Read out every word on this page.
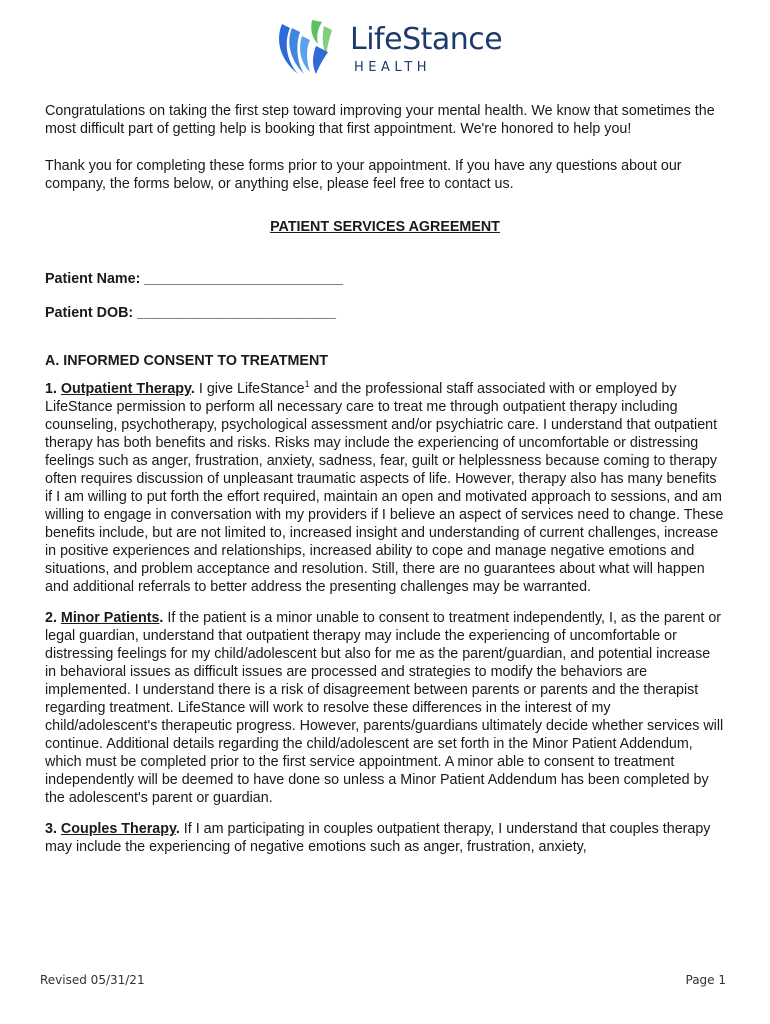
LifeStance
HEALTH

Congratulations on taking the first step toward improving your mental health. We know that sometimes the most difficult part of getting help is booking that first appointment. We're honored to help you!

Thank you for completing these forms prior to your appointment. If you have any questions about our company, the forms below, or anything else, please feel free to contact us.

PATIENT SERVICES AGREEMENT

Patient Name: _________________________

Patient DOB: _________________________

A. INFORMED CONSENT TO TREATMENT

1. Outpatient Therapy. I give LifeStance$^1$ and the professional staff associated with or employed by LifeStance permission to perform all necessary care to treat me through outpatient therapy including counseling, psychotherapy, psychological assessment and/or psychiatric care. I understand that outpatient therapy has both benefits and risks. Risks may include the experiencing of uncomfortable or distressing feelings such as anger, frustration, anxiety, sadness, fear, guilt or helplessness because coming to therapy often requires discussion of unpleasant traumatic aspects of life. However, therapy also has many benefits if I am willing to put forth the effort required, maintain an open and motivated approach to sessions, and am willing to engage in conversation with my providers if I believe an aspect of services need to change. These benefits include, but are not limited to, increased insight and understanding of current challenges, increase in positive experiences and relationships, increased ability to cope and manage negative emotions and situations, and problem acceptance and resolution. Still, there are no guarantees about what will happen and additional referrals to better address the presenting challenges may be warranted.

2. Minor Patients. If the patient is a minor unable to consent to treatment independently, I, as the parent or legal guardian, understand that outpatient therapy may include the experiencing of uncomfortable or distressing feelings for my child/adolescent but also for me as the parent/guardian, and potential increase in behavioral issues as difficult issues are processed and strategies to modify the behaviors are implemented. I understand there is a risk of disagreement between parents or parents and the therapist regarding treatment. LifeStance will work to resolve these differences in the interest of my child/adolescent's therapeutic progress. However, parents/guardians ultimately decide whether services will continue. Additional details regarding the child/adolescent are set forth in the Minor Patient Addendum, which must be completed prior to the first service appointment. A minor able to consent to treatment independently will be deemed to have done so unless a Minor Patient Addendum has been completed by the adolescent's parent or guardian.

3. Couples Therapy. If I am participating in couples outpatient therapy, I understand that couples therapy may include the experiencing of negative emotions such as anger, frustration, anxiety,

Revised 05/31/21	Page 1
